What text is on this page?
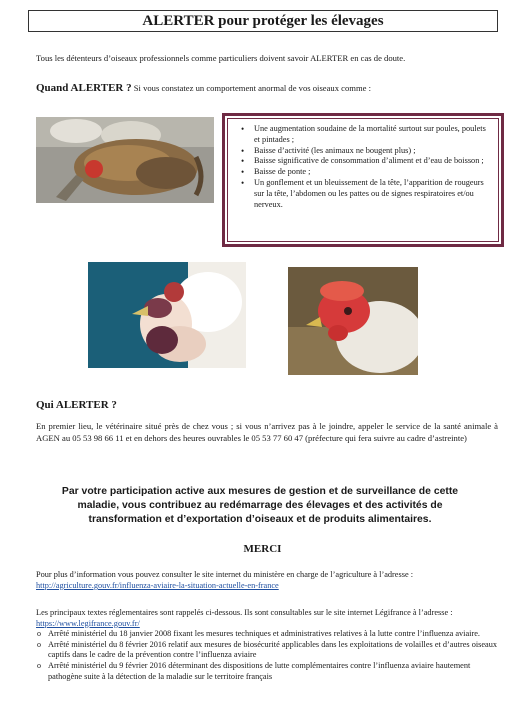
ALERTER pour protéger les élevages
Tous les détenteurs d’oiseaux professionnels comme particuliers doivent savoir ALERTER en cas de doute.
Quand ALERTER ? Si vous constatez un comportement anormal de vos oiseaux comme :
• Une augmentation soudaine de la mortalité surtout sur poules, poulets et pintades ;
• Baisse d’activité (les animaux ne bougent plus) ;
• Baisse significative de consommation d’aliment et d’eau de boisson ;
• Baisse de ponte ;
• Un gonflement et un bleuissement de la tête, l’apparition de rougeurs sur la tête, l’abdomen ou les pattes ou de signes respiratoires et/ou nerveux.
Qui ALERTER ?
En premier lieu, le vétérinaire situé près de chez vous ; si vous n’arrivez pas à le joindre, appeler le service de la santé animale à AGEN au 05 53 98 66 11 et en dehors des heures ouvrables le 05 53 77 60 47 (préfecture qui fera suivre au cadre d’astreinte)
Par votre participation active aux mesures de gestion et de surveillance de cette maladie, vous contribuez au redémarrage des élevages et des activités de transformation et d’exportation d’oiseaux et de produits alimentaires.
MERCI
Pour plus d’information vous pouvez consulter le site internet du ministère en charge de l’agriculture à l’adresse :
http://agriculture.gouv.fr/influenza-aviaire-la-situation-actuelle-en-france
Les principaux textes réglementaires sont rappelés ci-dessous. Ils sont consultables sur le site internet Légifrance à l’adresse : https://www.legifrance.gouv.fr/
o Arrêté ministériel du 18 janvier 2008 fixant les mesures techniques et administratives relatives à la lutte contre l’influenza aviaire.
o Arrêté ministériel du 8 février 2016 relatif aux mesures de biosécurité applicables dans les exploitations de volailles et d’autres oiseaux captifs dans le cadre de la prévention contre l’influenza aviaire
o Arrêté ministériel du 9 février 2016 déterminant des dispositions de lutte complémentaires contre l’influenza aviaire hautement pathogène suite à la détection de la maladie sur le territoire français
